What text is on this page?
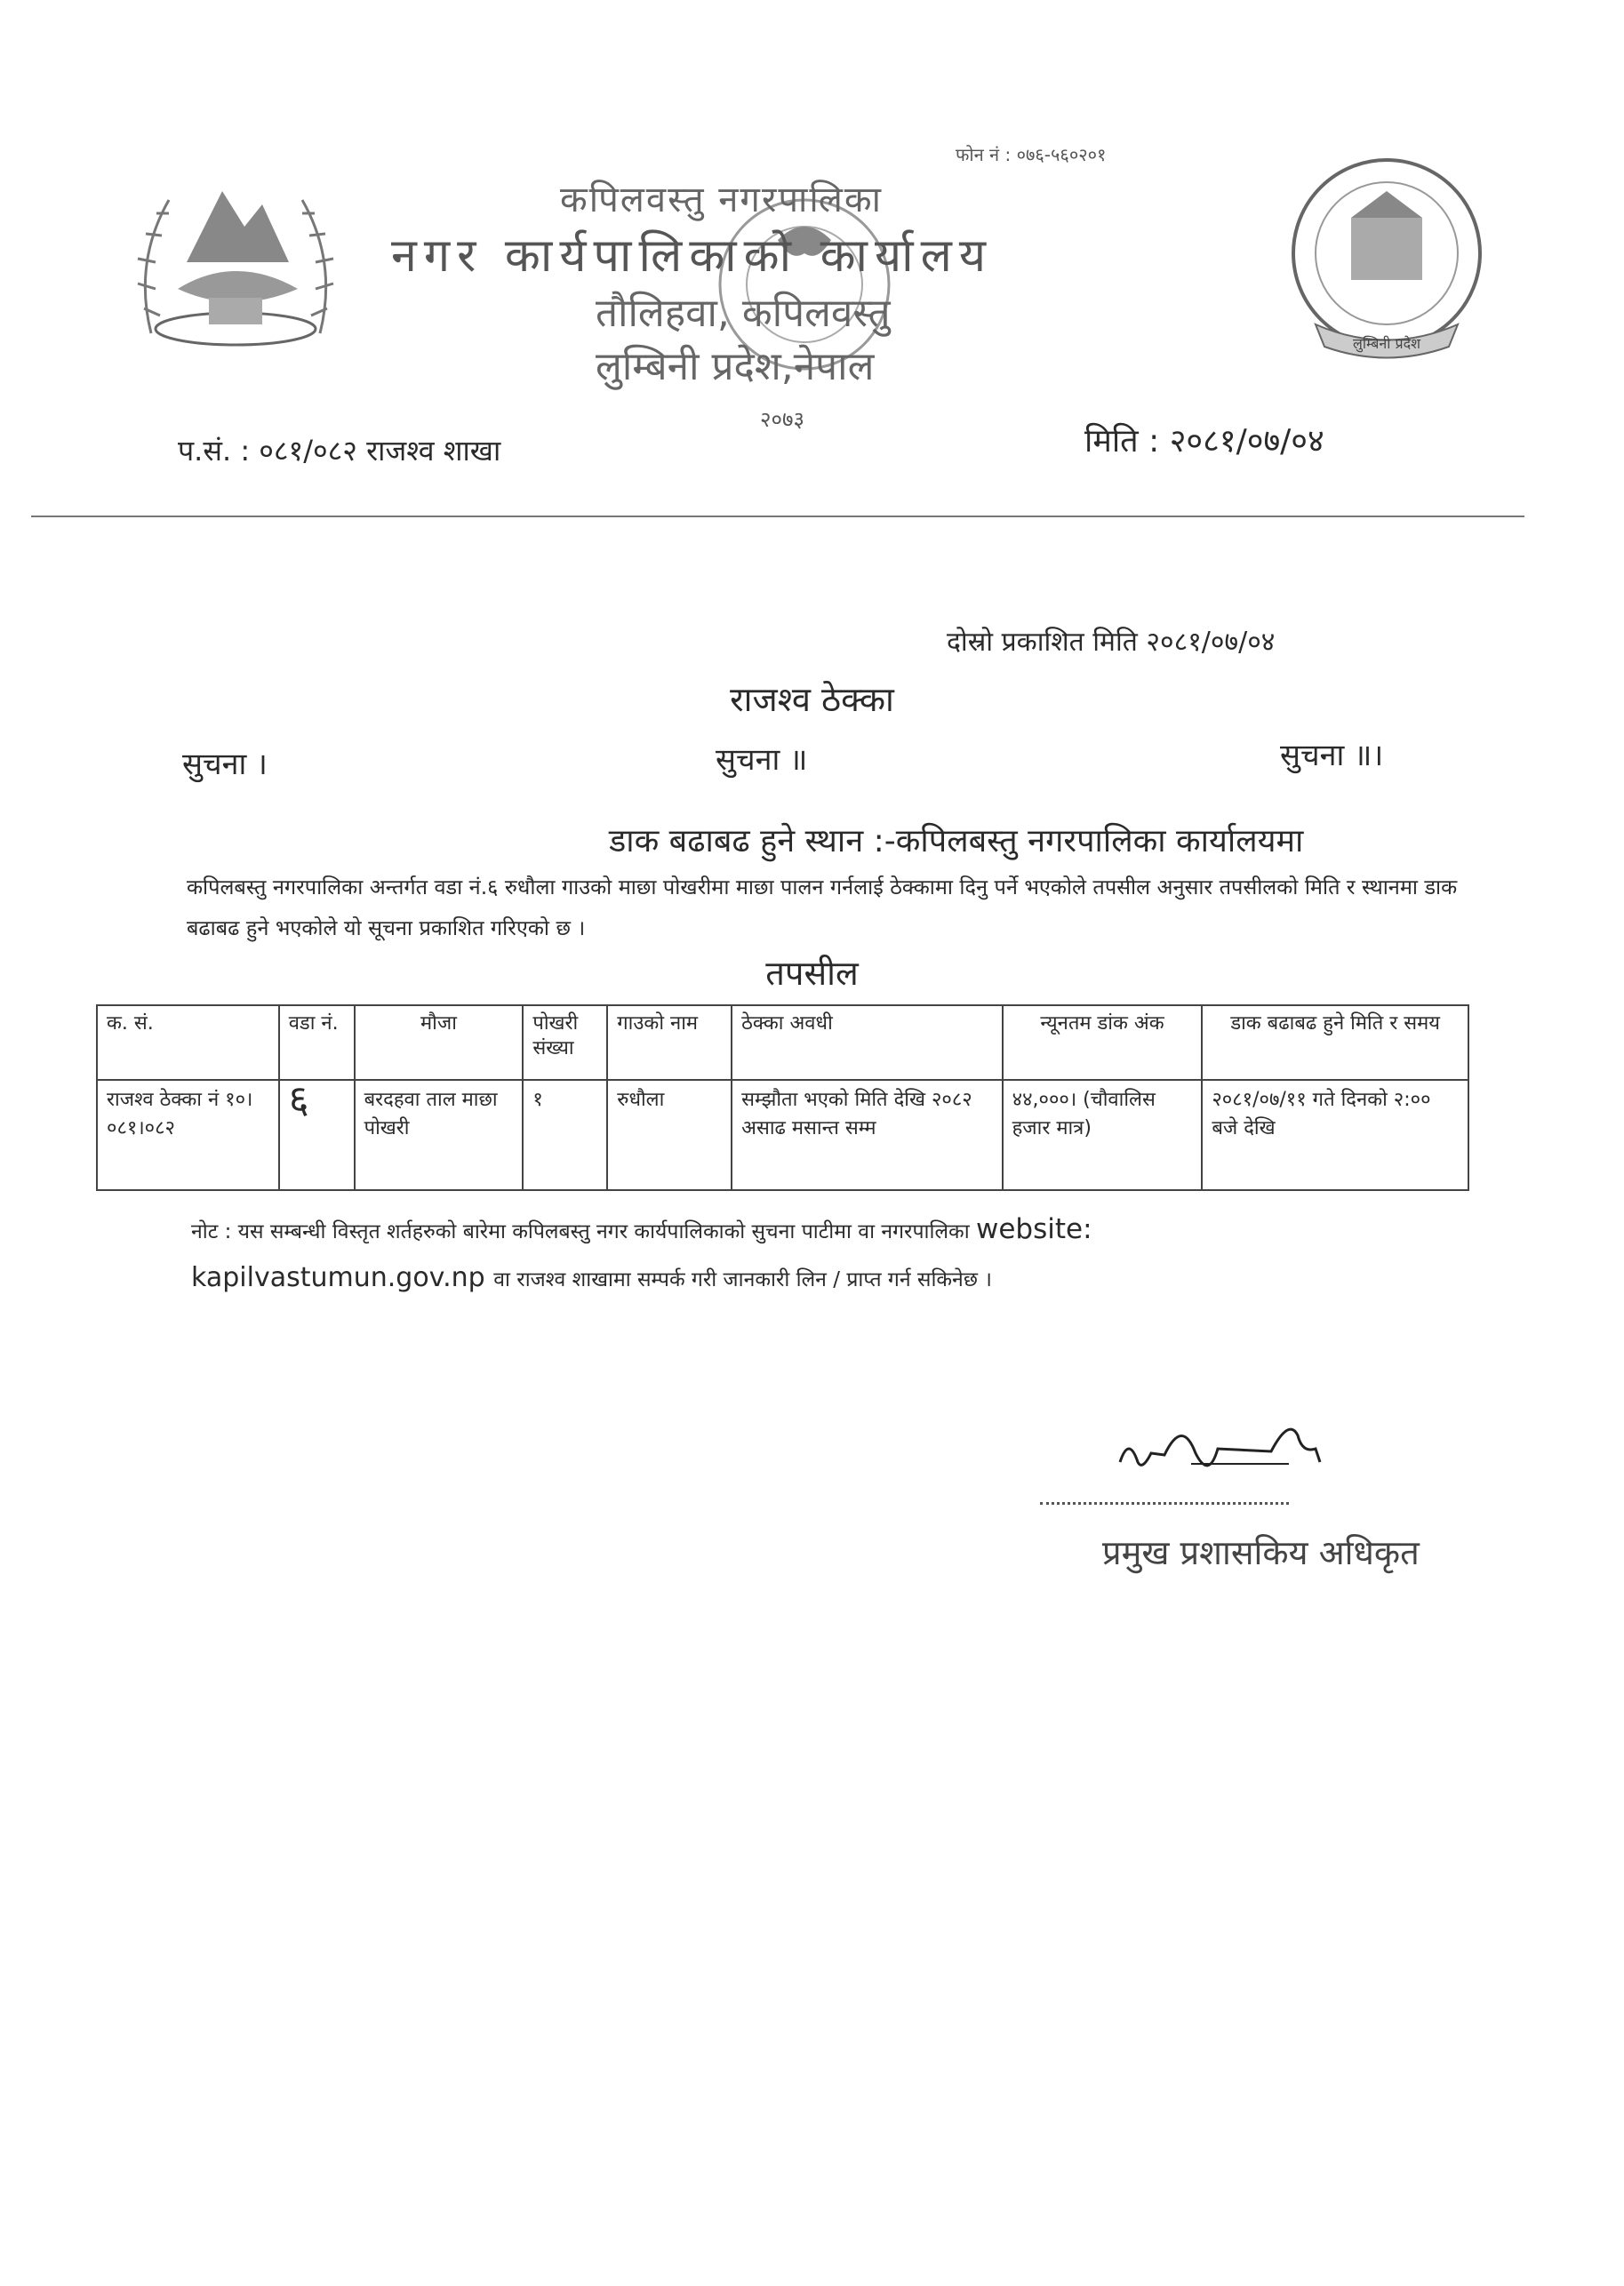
फोन नं : ०७६-५६०२०१
कपिलवस्तु नगरपालिका
नगर कार्यपालिकाको कार्यालय
तौलिहवा, कपिलवस्तु
लुम्बिनी प्रदेश,नेपाल
२०७३
लुम्बिनी प्रदेश
प.सं. : ०८१/०८२ राजश्व शाखा	मिति : २०८१/०७/०४
दोस्रो प्रकाशित मिति २०८१/०७/०४
राजश्व ठेक्का
सुचना ।	सुचना ॥	सुचना ॥।
डाक बढाबढ हुने स्थान :-कपिलबस्तु नगरपालिका कार्यालयमा
कपिलबस्तु नगरपालिका अन्तर्गत वडा नं.६ रुधौला गाउको माछा पोखरीमा माछा पालन गर्नलाई ठेक्कामा दिनु पर्ने भएकोले तपसील अनुसार तपसीलको मिति र स्थानमा डाक बढाबढ हुने भएकोले यो सूचना प्रकाशित गरिएको छ ।
तपसील
क. सं.	वडा नं.	मौजा	पोखरी संख्या	गाउको नाम	ठेक्का अवधी	न्यूनतम डांक अंक	डाक बढाबढ हुने मिति र समय
राजश्व ठेक्का नं १०।०८१।०८२	६	बरदहवा ताल माछा पोखरी	१	रुधौला	सम्झौता भएको मिति देखि २०८२ असाढ मसान्त सम्म	४४,०००। (चौवालिस हजार मात्र)	२०८१/०७/११ गते दिनको २:०० बजे देखि
नोट : यस सम्बन्धी विस्तृत शर्तहरुको बारेमा कपिलबस्तु नगर कार्यपालिकाको सुचना पाटीमा वा नगरपालिका website:
kapilvastumun.gov.np वा राजश्व शाखामा सम्पर्क गरी जानकारी लिन / प्राप्त गर्न सकिनेछ ।
प्रमुख प्रशासकिय अधिकृत
